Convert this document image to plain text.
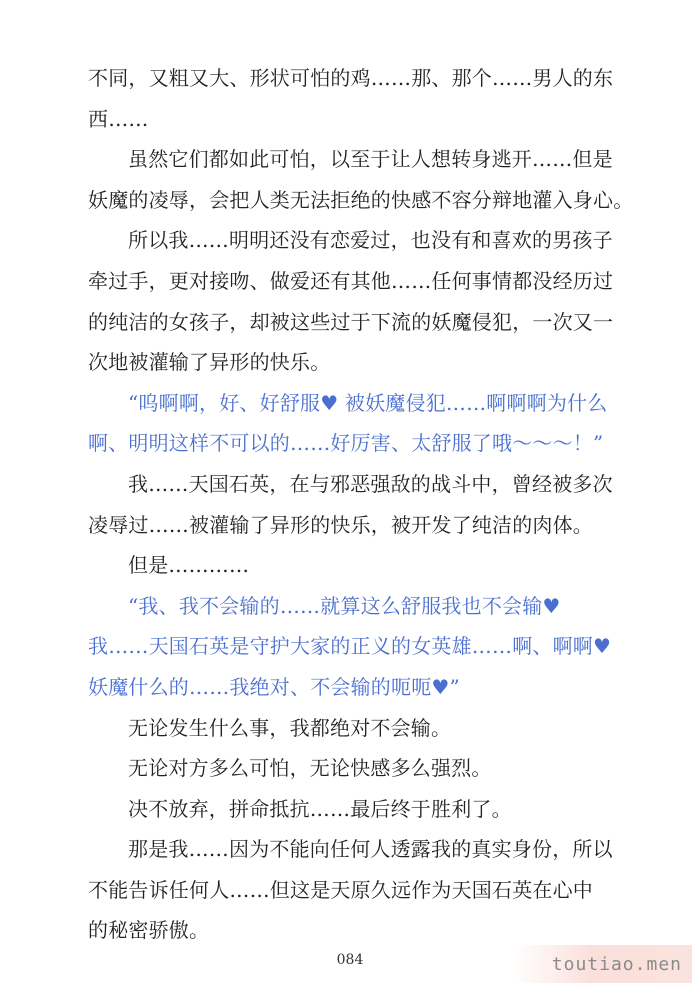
不同，又粗又大、形状可怕的鸡……那、那个……男人的东
西……
虽然它们都如此可怕，以至于让人想转身逃开……但是
妖魔的凌辱，会把人类无法拒绝的快感不容分辩地灌入身心。
所以我……明明还没有恋爱过，也没有和喜欢的男孩子
牵过手，更对接吻、做爱还有其他……任何事情都没经历过
的纯洁的女孩子，却被这些过于下流的妖魔侵犯，一次又一
次地被灌输了异形的快乐。
“呜啊啊，好、好舒服♥ 被妖魔侵犯……啊啊啊为什么
啊、明明这样不可以的……好厉害、太舒服了哦～～～！”
我……天国石英，在与邪恶强敌的战斗中，曾经被多次
凌辱过……被灌输了异形的快乐，被开发了纯洁的肉体。
但是…………
“我、我不会输的……就算这么舒服我也不会输♥
我……天国石英是守护大家的正义的女英雄……啊、啊啊♥
妖魔什么的……我绝对、不会输的呃呃♥”
无论发生什么事，我都绝对不会输。
无论对方多么可怕，无论快感多么强烈。
决不放弃，拼命抵抗……最后终于胜利了。
那是我……因为不能向任何人透露我的真实身份，所以
不能告诉任何人……但这是天原久远作为天国石英在心中
的秘密骄傲。
084	toutiao.men
